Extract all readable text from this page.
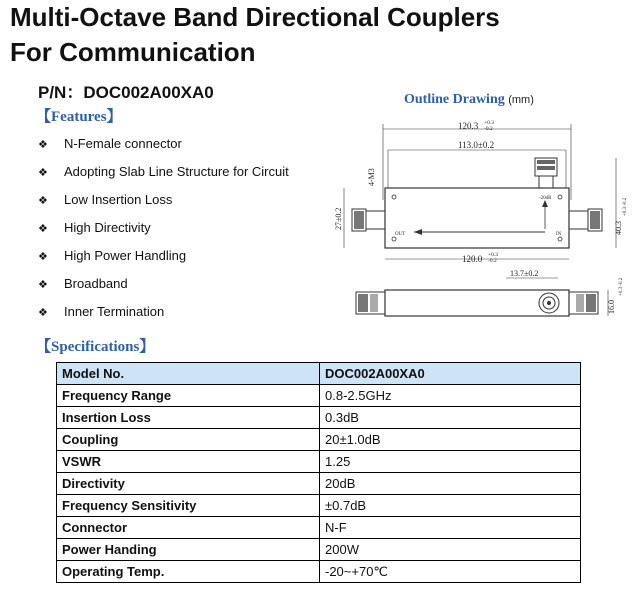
Multi-Octave Band Directional Couplers
For Communication
P/N：DOC002A00XA0
【Features】
❖ N-Female connector
❖ Adopting Slab Line Structure for Circuit
❖ Low Insertion Loss
❖ High Directivity
❖ High Power Handling
❖ Broadband
❖ Inner Termination
Outline Drawing (mm)
120.3 +0.3
-0.2
113.0±0.2
4-M3
OUT	IN
-20dB
27±0.2	40.3
+0.3 -0.2
120.0 +0.3
-0.2
13.7±0.2
16.0
+0.3 -0.2
【Specifications】
Model No.	DOC002A00XA0
Frequency Range	0.8-2.5GHz
Insertion Loss	0.3dB
Coupling	20±1.0dB
VSWR	1.25
Directivity	20dB
Frequency Sensitivity	±0.7dB
Connector	N-F
Power Handing	200W
Operating Temp.	-20~+70℃
